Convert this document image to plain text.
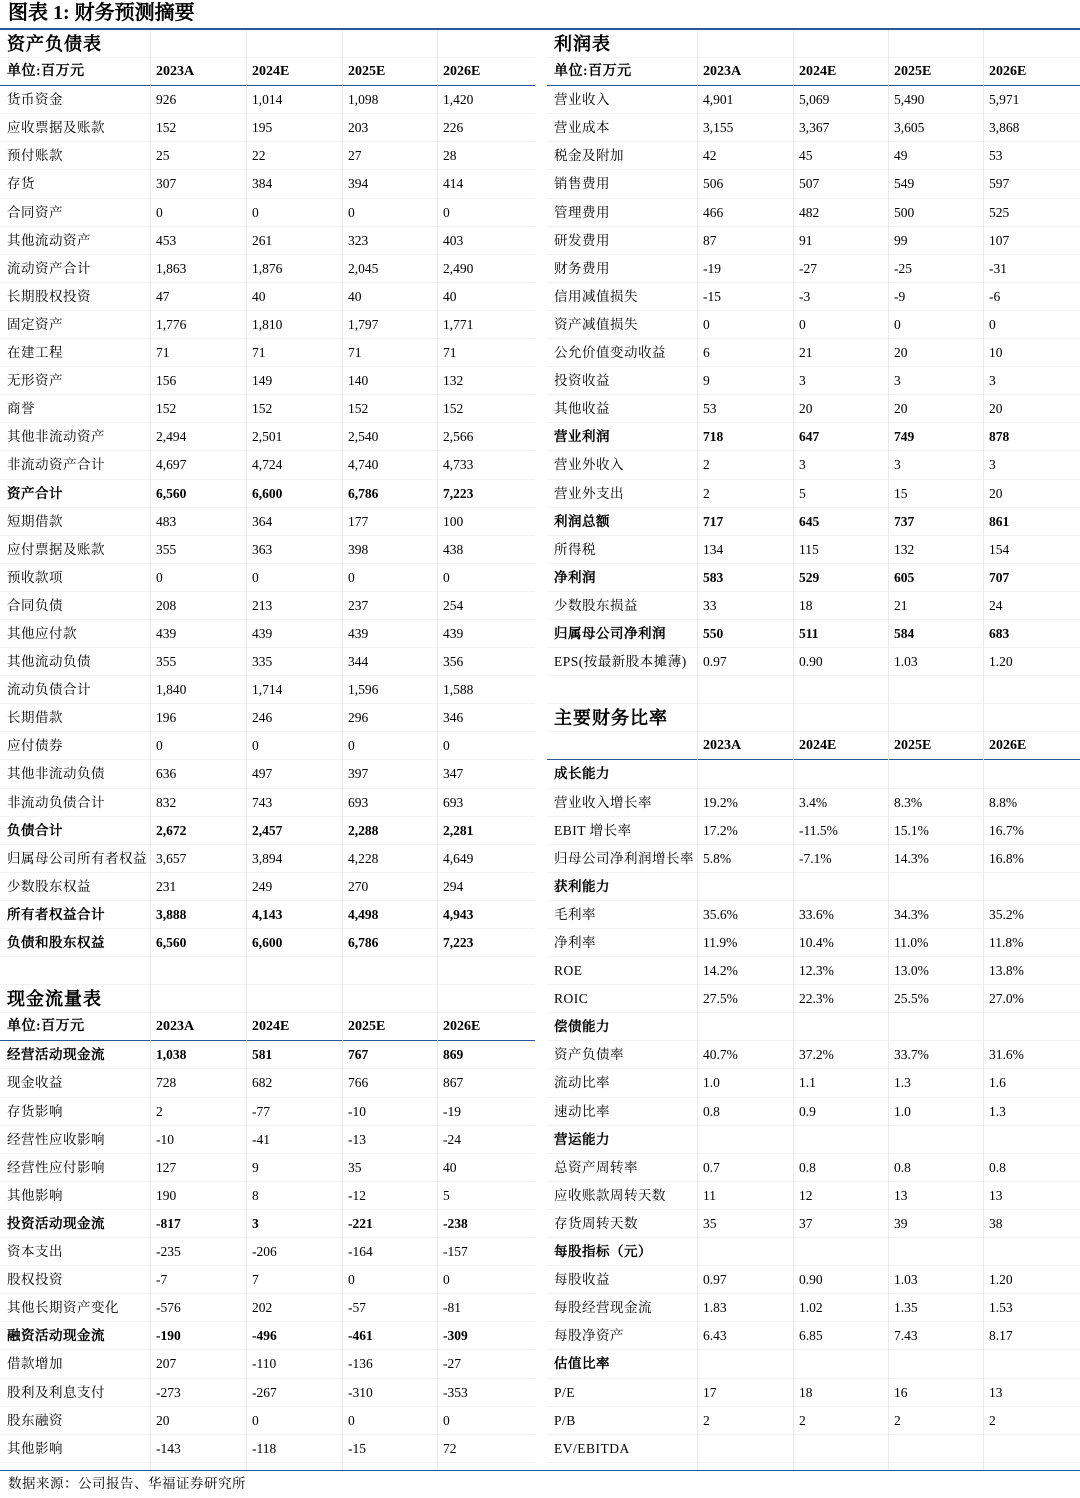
图表 1: 财务预测摘要
资产负债表
单位:百万元	2023A	2024E	2025E	2026E
货币资金	926	1,014	1,098	1,420
应收票据及账款	152	195	203	226
预付账款	25	22	27	28
存货	307	384	394	414
合同资产	0	0	0	0
其他流动资产	453	261	323	403
流动资产合计	1,863	1,876	2,045	2,490
长期股权投资	47	40	40	40
固定资产	1,776	1,810	1,797	1,771
在建工程	71	71	71	71
无形资产	156	149	140	132
商誉	152	152	152	152
其他非流动资产	2,494	2,501	2,540	2,566
非流动资产合计	4,697	4,724	4,740	4,733
资产合计	6,560	6,600	6,786	7,223
短期借款	483	364	177	100
应付票据及账款	355	363	398	438
预收款项	0	0	0	0
合同负债	208	213	237	254
其他应付款	439	439	439	439
其他流动负债	355	335	344	356
流动负债合计	1,840	1,714	1,596	1,588
长期借款	196	246	296	346
应付债券	0	0	0	0
其他非流动负债	636	497	397	347
非流动负债合计	832	743	693	693
负债合计	2,672	2,457	2,288	2,281
归属母公司所有者权益 3,657	3,894	4,228	4,649
少数股东权益	231	249	270	294
所有者权益合计	3,888	4,143	4,498	4,943
负债和股东权益	6,560	6,600	6,786	7,223
现金流量表
单位:百万元	2023A	2024E	2025E	2026E
经营活动现金流	1,038	581	767	869
现金收益	728	682	766	867
存货影响	2	-77	-10	-19
经营性应收影响	-10	-41	-13	-24
经营性应付影响	127	9	35	40
其他影响	190	8	-12	5
投资活动现金流	-817	3	-221	-238
资本支出	-235	-206	-164	-157
股权投资	-7	7	0	0
其他长期资产变化	-576	202	-57	-81
融资活动现金流	-190	-496	-461	-309
借款增加	207	-110	-136	-27
股利及利息支付	-273	-267	-310	-353
股东融资	20	0	0	0
其他影响	-143	-118	-15	72
利润表
单位:百万元	2023A	2024E	2025E	2026E
营业收入	4,901	5,069	5,490	5,971
营业成本	3,155	3,367	3,605	3,868
税金及附加	42	45	49	53
销售费用	506	507	549	597
管理费用	466	482	500	525
研发费用	87	91	99	107
财务费用	-19	-27	-25	-31
信用减值损失	-15	-3	-9	-6
资产减值损失	0	0	0	0
公允价值变动收益	6	21	20	10
投资收益	9	3	3	3
其他收益	53	20	20	20
营业利润	718	647	749	878
营业外收入	2	3	3	3
营业外支出	2	5	15	20
利润总额	717	645	737	861
所得税	134	115	132	154
净利润	583	529	605	707
少数股东损益	33	18	21	24
归属母公司净利润	550	511	584	683
EPS(按最新股本摊薄)	0.97	0.90	1.03	1.20
主要财务比率
2023A	2024E	2025E	2026E
成长能力
营业收入增长率	19.2%	3.4%	8.3%	8.8%
EBIT 增长率	17.2%	-11.5%	15.1%	16.7%
归母公司净利润增长率 5.8%	-7.1%	14.3%	16.8%
获利能力
毛利率	35.6%	33.6%	34.3%	35.2%
净利率	11.9%	10.4%	11.0%	11.8%
ROE	14.2%	12.3%	13.0%	13.8%
ROIC	27.5%	22.3%	25.5%	27.0%
偿债能力
资产负债率	40.7%	37.2%	33.7%	31.6%
流动比率	1.0	1.1	1.3	1.6
速动比率	0.8	0.9	1.0	1.3
营运能力
总资产周转率	0.7	0.8	0.8	0.8
应收账款周转天数	11	12	13	13
存货周转天数	35	37	39	38
每股指标（元）
每股收益	0.97	0.90	1.03	1.20
每股经营现金流	1.83	1.02	1.35	1.53
每股净资产	6.43	6.85	7.43	8.17
估值比率
P/E	17	18	16	13
P/B	2	2	2	2
EV/EBITDA
数据来源：公司报告、华福证券研究所
